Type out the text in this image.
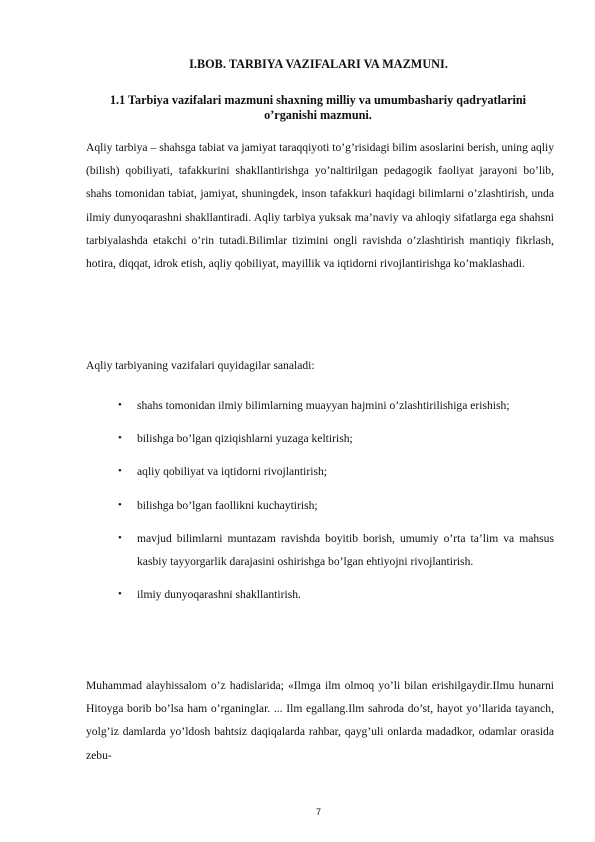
I.BOB. TARBIYA VAZIFALARI VA MAZMUNI.
1.1 Tarbiya vazifalari mazmuni shaxning milliy va umumbashariy qadryatlarini o’rganishi mazmuni.

Aqliy tarbiya – shahsga tabiat va jamiyat taraqqiyoti to’g’risidagi bilim asoslarini berish, uning aqliy (bilish) qobiliyati, tafakkurini shakllantirishga yo’naltirilgan pedagogik faoliyat jarayoni bo’lib, shahs tomonidan tabiat, jamiyat, shuningdek, inson tafakkuri haqidagi bilimlarni o’zlashtirish, unda ilmiy dunyoqarashni shakllantiradi. Aqliy tarbiya yuksak ma’naviy va ahloqiy sifatlarga ega shahsni tarbiyalashda etakchi o’rin tutadi.Bilimlar tizimini ongli ravishda o’zlashtirish mantiqiy fikrlash, hotira, diqqat, idrok etish, aqliy qobiliyat, mayillik va iqtidorni rivojlantirishga ko’maklashadi.

Aqliy tarbiyaning vazifalari quyidagilar sanaladi:

• shahs tomonidan ilmiy bilimlarning muayyan hajmini o’zlashtirilishiga erishish;
• bilishga bo’lgan qiziqishlarni yuzaga keltirish;
• aqliy qobiliyat va iqtidorni rivojlantirish;
• bilishga bo’lgan faollikni kuchaytirish;
• mavjud bilimlarni muntazam ravishda boyitib borish, umumiy o’rta ta’lim va mahsus kasbiy tayyorgarlik darajasini oshirishga bo’lgan ehtiyojni rivojlantirish.
• ilmiy dunyoqarashni shakllantirish.

Muhammad alayhissalom o’z hadislarida; «Ilmga ilm olmoq yo’li bilan erishilgaydir.Ilmu hunarni Hitoyga borib bo’lsa ham o’rganinglar. ... Ilm egallang.Ilm sahroda do’st, hayot yo’llarida tayanch, yolg’iz damlarda yo’ldosh bahtsiz daqiqalarda rahbar, qayg’uli onlarda madadkor, odamlar orasida zebu-

7
